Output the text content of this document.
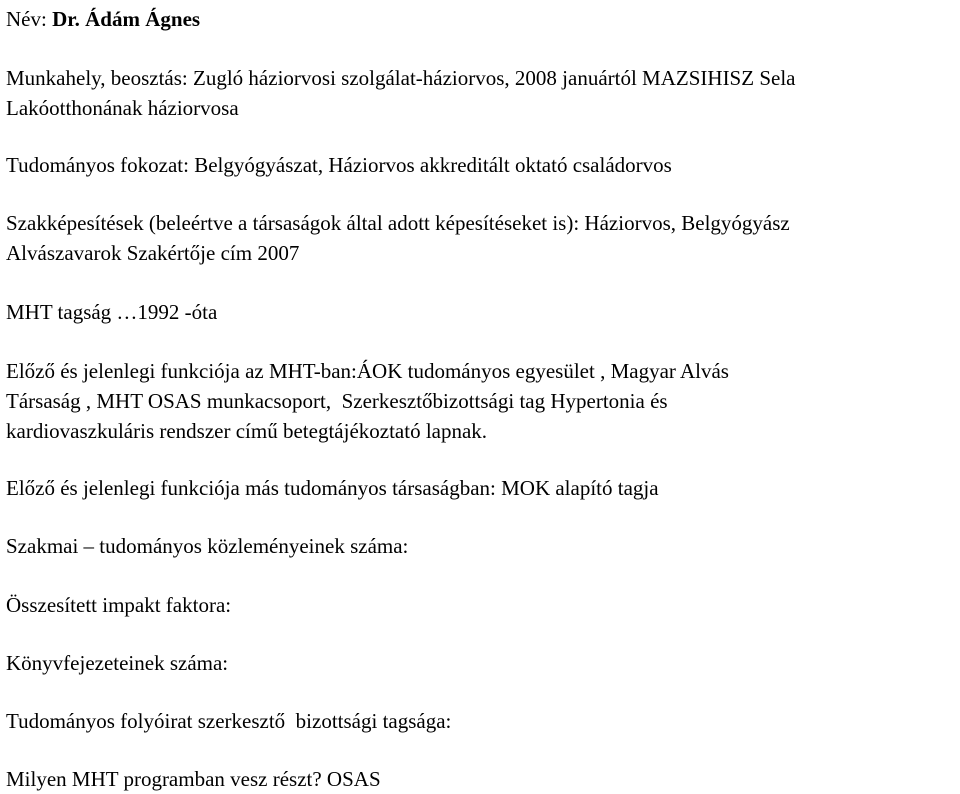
Név: Dr. Ádám Ágnes

Munkahely, beosztás: Zugló háziorvosi szolgálat-háziorvos, 2008 januártól MAZSIHISZ Sela
Lakóotthonának háziorvosa

Tudományos fokozat: Belgyógyászat, Háziorvos akkreditált oktató családorvos

Szakképesítések (beleértve a társaságok által adott képesítéseket is): Háziorvos, Belgyógyász
Alvászavarok Szakértője cím 2007

MHT tagság …1992 -óta

Előző és jelenlegi funkciója az MHT-ban:ÁOK tudományos egyesület , Magyar Alvás
Társaság , MHT OSAS munkacsoport,  Szerkesztőbizottsági tag Hypertonia és
kardiovaszkuláris rendszer című betegtájékoztató lapnak.

Előző és jelenlegi funkciója más tudományos társaságban: MOK alapító tagja

Szakmai – tudományos közleményeinek száma:

Összesített impakt faktora:

Könyvfejezeteinek száma:

Tudományos folyóirat szerkesztő  bizottsági tagsága:

Milyen MHT programban vesz részt? OSAS
